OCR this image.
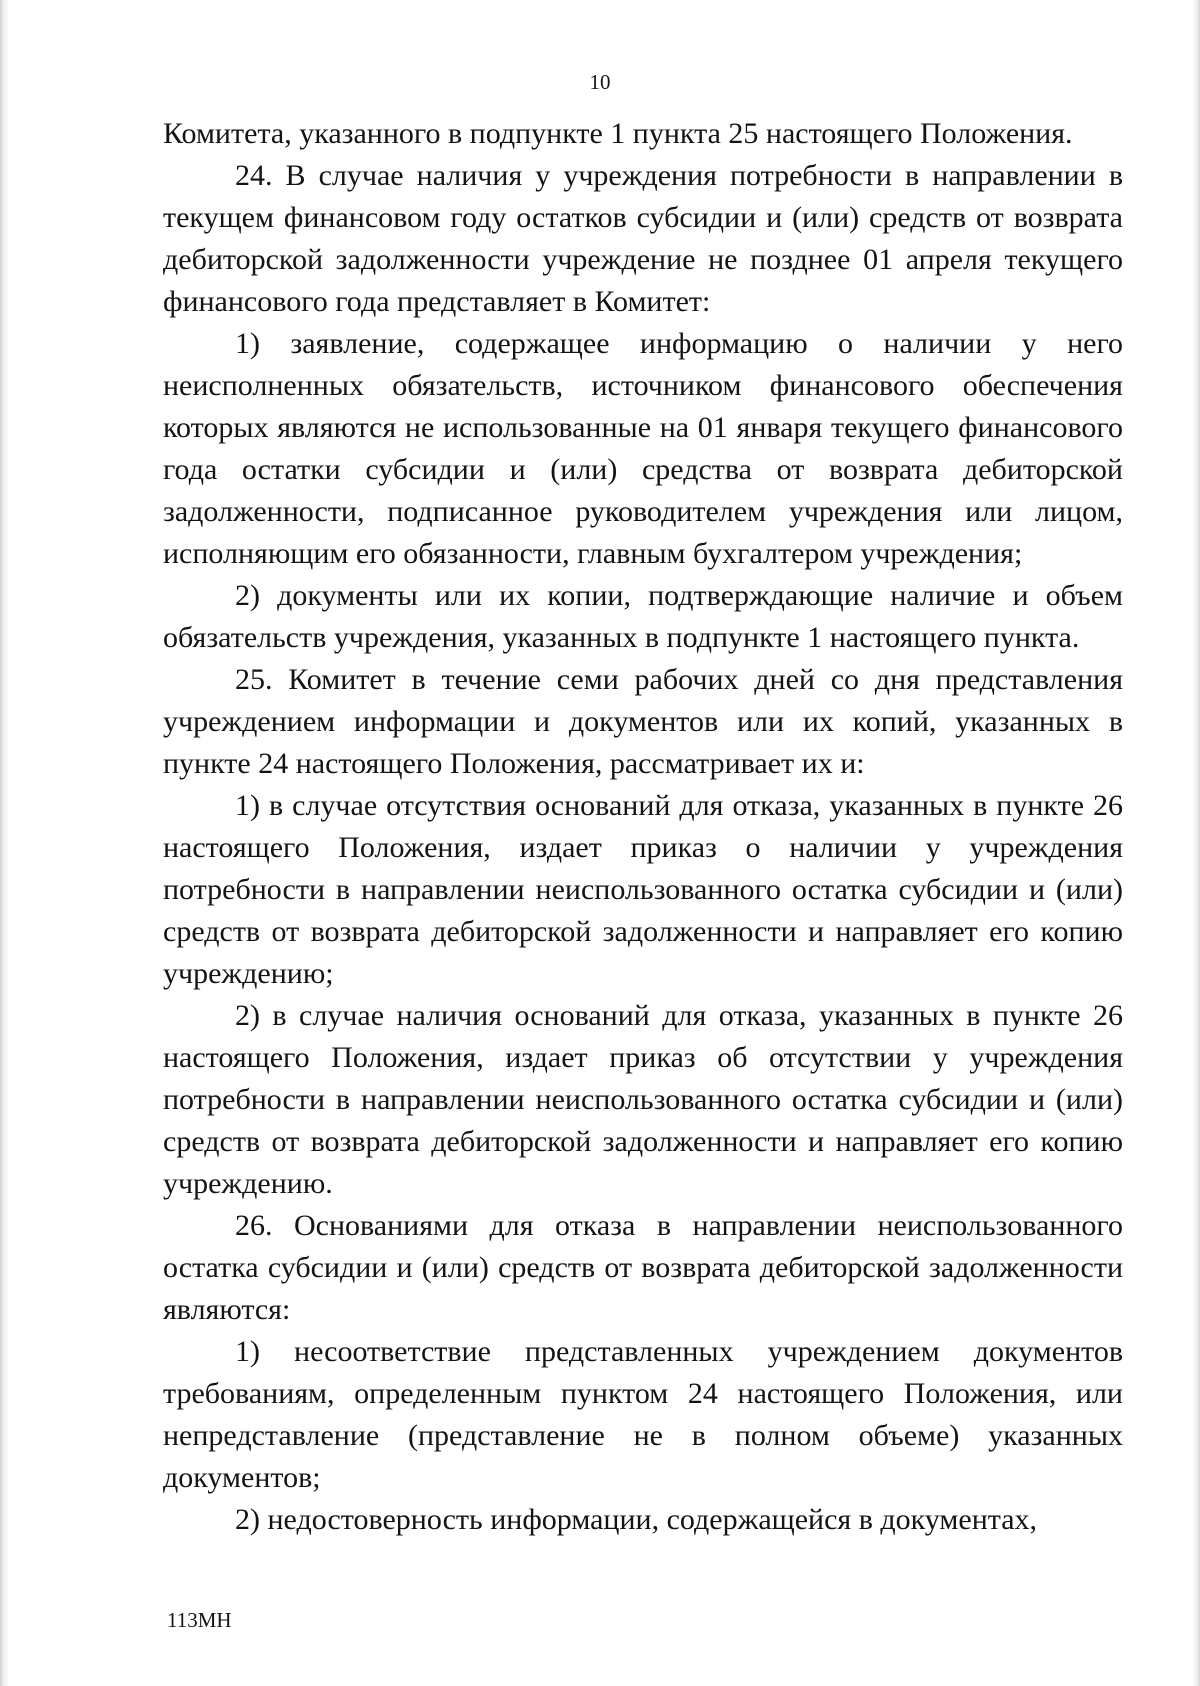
10

Комитета, указанного в подпункте 1 пункта 25 настоящего Положения.

24. В случае наличия у учреждения потребности в направлении в текущем финансовом году остатков субсидии и (или) средств от возврата дебиторской задолженности учреждение не позднее 01 апреля текущего финансового года представляет в Комитет:

1) заявление, содержащее информацию о наличии у него неисполненных обязательств, источником финансового обеспечения которых являются не использованные на 01 января текущего финансового года остатки субсидии и (или) средства от возврата дебиторской задолженности, подписанное руководителем учреждения или лицом, исполняющим его обязанности, главным бухгалтером учреждения;

2) документы или их копии, подтверждающие наличие и объем обязательств учреждения, указанных в подпункте 1 настоящего пункта.

25. Комитет в течение семи рабочих дней со дня представления учреждением информации и документов или их копий, указанных в пункте 24 настоящего Положения, рассматривает их и:

1) в случае отсутствия оснований для отказа, указанных в пункте 26 настоящего Положения, издает приказ о наличии у учреждения потребности в направлении неиспользованного остатка субсидии и (или) средств от возврата дебиторской задолженности и направляет его копию учреждению;

2) в случае наличия оснований для отказа, указанных в пункте 26 настоящего Положения, издает приказ об отсутствии у учреждения потребности в направлении неиспользованного остатка субсидии и (или) средств от возврата дебиторской задолженности и направляет его копию учреждению.

26. Основаниями для отказа в направлении неиспользованного остатка субсидии и (или) средств от возврата дебиторской задолженности являются:

1) несоответствие представленных учреждением документов требованиям, определенным пунктом 24 настоящего Положения, или непредставление (представление не в полном объеме) указанных документов;

2) недостоверность информации, содержащейся в документах,

113МН
